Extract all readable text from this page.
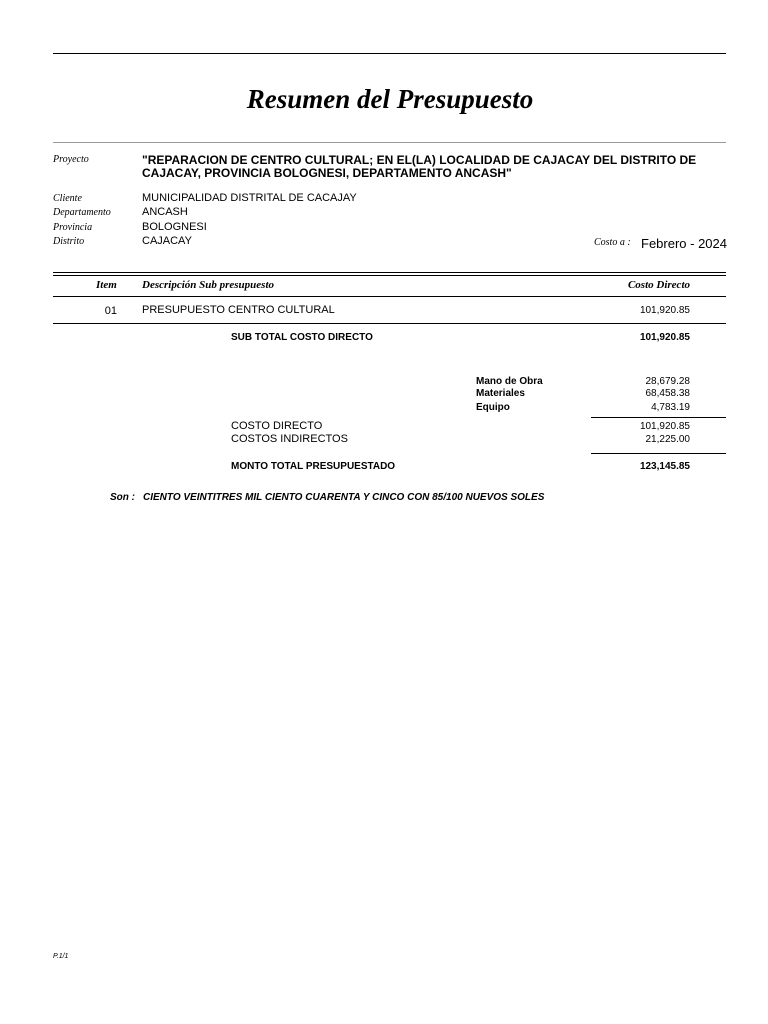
Resumen del Presupuesto
Proyecto	"REPARACION DE CENTRO CULTURAL; EN EL(LA) LOCALIDAD DE CAJACAY DEL DISTRITO DE
CAJACAY, PROVINCIA BOLOGNESI, DEPARTAMENTO ANCASH"
Cliente	MUNICIPALIDAD DISTRITAL DE CACAJAY
Departamento	ANCASH
Provincia	BOLOGNESI
Distrito	CAJACAY	Costo a : Febrero - 2024
Item Descripción Sub presupuesto	Costo Directo
01 PRESUPUESTO CENTRO CULTURAL	101,920.85
SUB TOTAL COSTO DIRECTO	101,920.85
Mano de Obra	28,679.28
Materiales	68,458.38
Equipo	4,783.19
COSTO DIRECTO	101,920.85
COSTOS INDIRECTOS	21,225.00
MONTO TOTAL PRESUPUESTADO	123,145.85
Son : CIENTO VEINTITRES MIL CIENTO CUARENTA Y CINCO CON 85/100 NUEVOS SOLES
P.1/1
